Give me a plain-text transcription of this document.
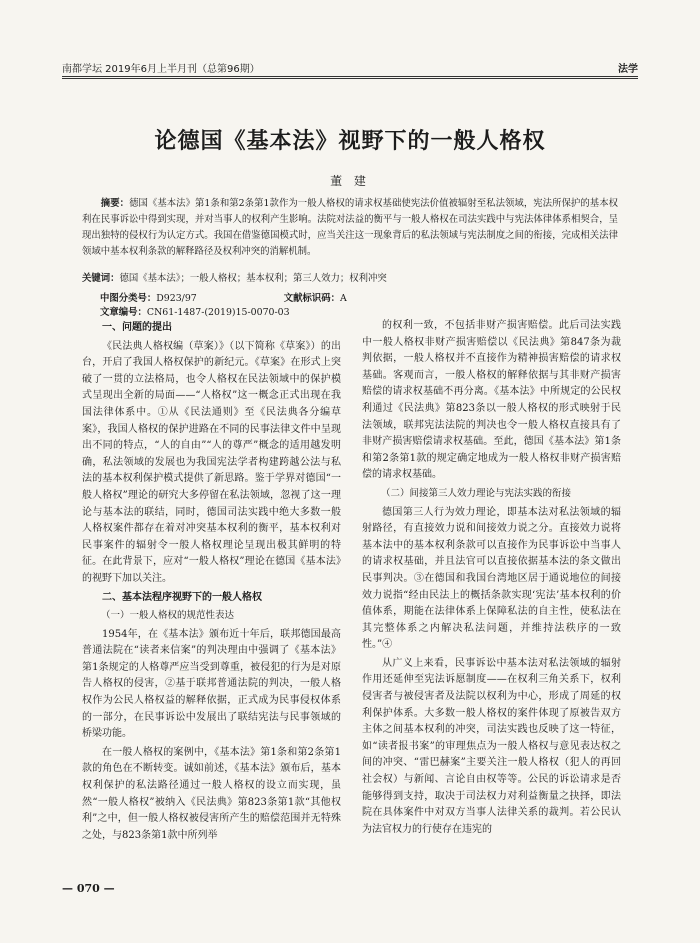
南都学坛 2019年6月上半月刊（总第96期）	法学
论德国《基本法》视野下的一般人格权
董 建
摘要：德国《基本法》第1条和第2条第1款作为一般人格权的请求权基础使宪法价值被辐射至私法领域，宪法所保护的基本权利在民事诉讼中得到实现，并对当事人的权利产生影响。法院对法益的衡平与一般人格权在司法实践中与宪法体律体系相契合，呈现出独特的侵权行为认定方式。我国在借鉴德国模式时，应当关注这一现象背后的私法领域与宪法制度之间的衔接，完成相关法律领域中基本权利条款的解释路径及权利冲突的消解机制。
关键词：德国《基本法》；一般人格权；基本权利；第三人效力；权利冲突
中图分类号：D923/97	文献标识码：A 文章编号：CN61-1487-(2019)15-0070-03
一、问题的提出

《民法典人格权编（草案）》（以下简称《草案》）的出台，开启了我国人格权保护的新纪元。《草案》在形式上突破了一贯的立法格局，也令人格权在民法领域中的保护模式呈现出全新的局面——“人格权”这一概念正式出现在我国法律体系中。①从《民法通则》至《民法典各分编草案》，我国人格权的保护进路在不同的民事法律文件中呈现出不同的特点，“人的自由”“人的尊严”概念的适用越发明确，私法领域的发展也为我国宪法学者构建跨越公法与私法的基本权利保护模式提供了新思路。鉴于学界对德国“一般人格权”理论的研究大多停留在私法领域，忽视了这一理论与基本法的联结，同时，德国司法实践中绝大多数一般人格权案件都存在着对冲突基本权利的衡平，基本权利对民事案件的辐射令一般人格权理论呈现出极其鲜明的特征。在此背景下，应对“一般人格权”理论在德国《基本法》的视野下加以关注。

二、基本法程序视野下的一般人格权
（一）一般人格权的规范性表达

1954年，在《基本法》颁布近十年后，联邦德国最高普通法院在“读者来信案”的判决理由中强调了《基本法》第1条规定的人格尊严应当受到尊重，被侵犯的行为是对原告人格权的侵害，②基于联邦普通法院的判决，一般人格权作为公民人格权益的解释依据，正式成为民事侵权体系的一部分，在民事诉讼中发展出了联结宪法与民事领域的桥梁功能。

在一般人格权的案例中，《基本法》第1条和第2条第1款的角色在不断转变。诚如前述，《基本法》颁布后，基本权利保护的私法路径通过一般人格权的设立而实现，虽然“一般人格权”被纳入《民法典》第823条第1款“其他权利”之中，但一般人格权被侵害所产生的赔偿范围并无特殊之处，与823条第1款中所列举

的权利一致，不包括非财产损害赔偿。此后司法实践中一般人格权非财产损害赔偿以《民法典》第847条为裁判依据，一般人格权并不直接作为精神损害赔偿的请求权基础。客观而言，一般人格权的解释依据与其非财产损害赔偿的请求权基础不再分离。《基本法》中所规定的公民权利通过《民法典》第823条以一般人格权的形式映射于民法领域，联邦宪法法院的判决也令一般人格权直接具有了非财产损害赔偿请求权基础。至此，德国《基本法》第1条和第2条第1款的规定确定地成为一般人格权非财产损害赔偿的请求权基础。

（二）间接第三人效力理论与宪法实践的衔接

德国第三人行为效力理论，即基本法对私法领域的辐射路径，有直接效力说和间接效力说之分。直接效力说将基本法中的基本权利条款可以直接作为民事诉讼中当事人的请求权基础，并且法官可以直接依据基本法的条文做出民事判决。③在德国和我国台湾地区居于通说地位的间接效力说指“经由民法上的概括条款实现‘宪法’基本权利的价值体系，期能在法律体系上保障私法的自主性，使私法在其完整体系之内解决私法问题，并维持法秩序的一致性。”④

从广义上来看，民事诉讼中基本法对私法领域的辐射作用还延伸至宪法诉愿制度——在权利三角关系下，权利侵害者与被侵害者及法院以权利为中心，形成了周延的权利保护体系。大多数一般人格权的案件体现了原被告双方主体之间基本权利的冲突，司法实践也反映了这一特征，如“读者报书案”的审理焦点为一般人格权与意见表达权之间的冲突、“雷巴赫案”主要关注一般人格权（犯人的再回社会权）与新闻、言论自由权等等。公民的诉讼请求是否能够得到支持，取决于司法权力对利益衡量之抉择，即法院在具体案件中对双方当事人法律关系的裁判。若公民认为法官权力的行使存在违宪的

— 070 —
